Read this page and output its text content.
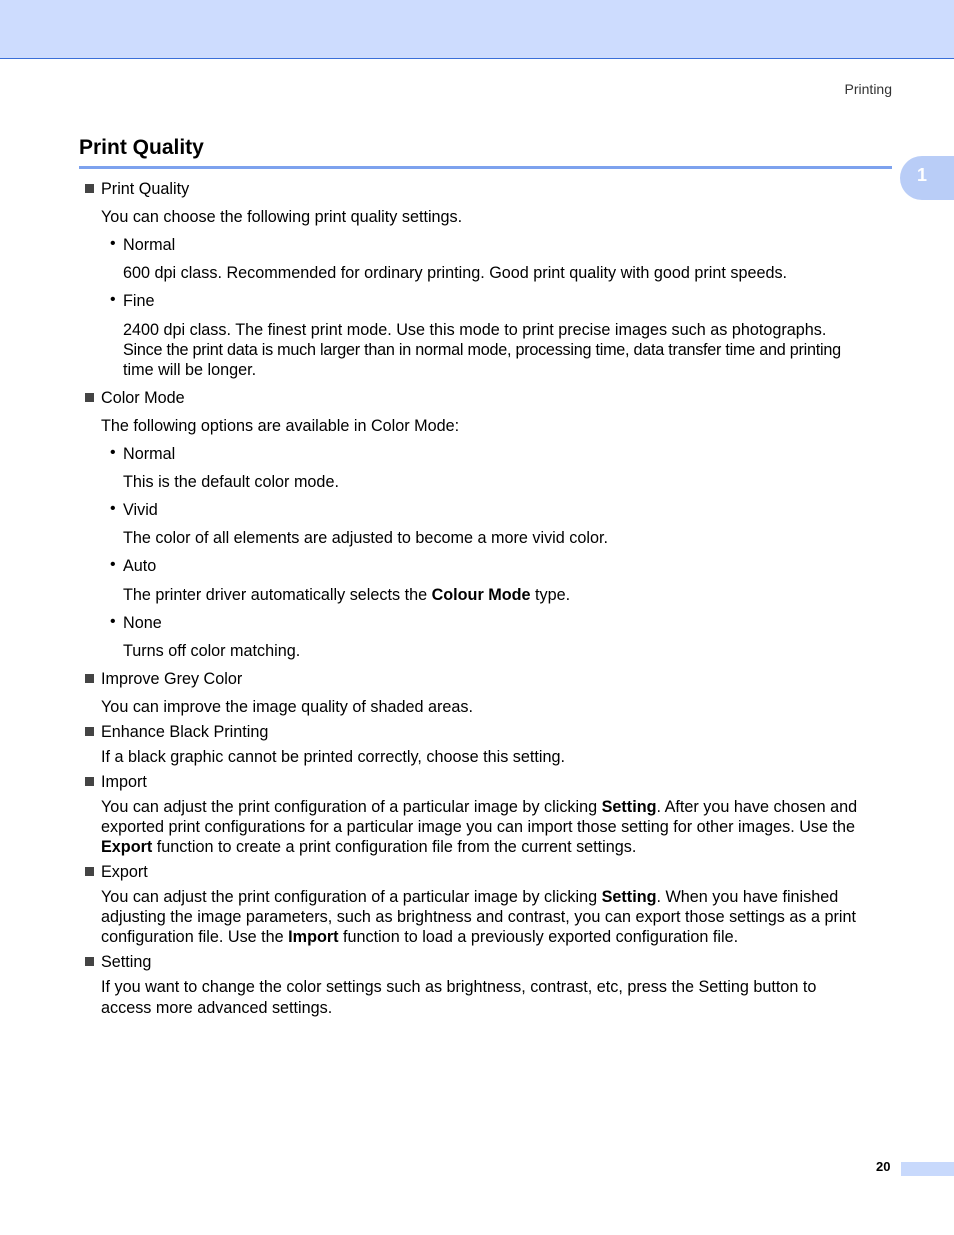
Printing
1
Print Quality
Print Quality
You can choose the following print quality settings.
• Normal
600 dpi class. Recommended for ordinary printing. Good print quality with good print speeds.
• Fine
2400 dpi class. The finest print mode. Use this mode to print precise images such as photographs.
Since the print data is much larger than in normal mode, processing time, data transfer time and printing
time will be longer.
Color Mode
The following options are available in Color Mode:
• Normal
This is the default color mode.
• Vivid
The color of all elements are adjusted to become a more vivid color.
• Auto
The printer driver automatically selects the Colour Mode type.
• None
Turns off color matching.
Improve Grey Color
You can improve the image quality of shaded areas.
Enhance Black Printing
If a black graphic cannot be printed correctly, choose this setting.
Import
You can adjust the print configuration of a particular image by clicking Setting. After you have chosen and
exported print configurations for a particular image you can import those setting for other images. Use the
Export function to create a print configuration file from the current settings.
Export
You can adjust the print configuration of a particular image by clicking Setting. When you have finished
adjusting the image parameters, such as brightness and contrast, you can export those settings as a print
configuration file. Use the Import function to load a previously exported configuration file.
Setting
If you want to change the color settings such as brightness, contrast, etc, press the Setting button to
access more advanced settings.
20
